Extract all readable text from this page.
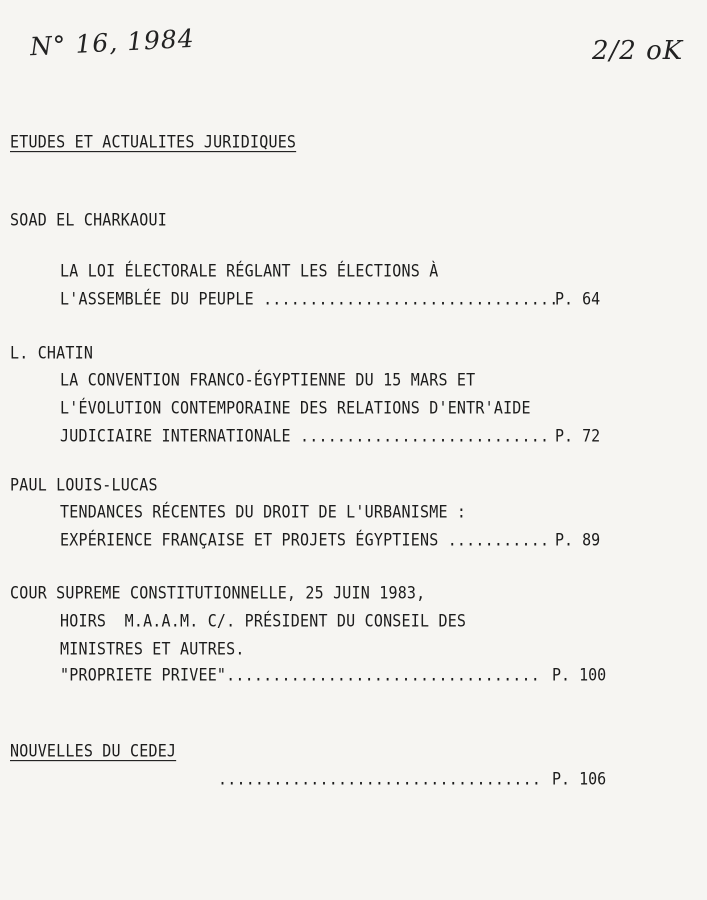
N° 16, 1984	2/2 oK
ETUDES ET ACTUALITES JURIDIQUES
SOAD EL CHARKAOUI
LA LOI ÉLECTORALE RÉGLANT LES ÉLECTIONS À
L'ASSEMBLÉE DU PEUPLE ................................
P. 64
L. CHATIN
LA CONVENTION FRANCO-ÉGYPTIENNE DU 15 MARS ET
L'ÉVOLUTION CONTEMPORAINE DES RELATIONS D'ENTR'AIDE
JUDICIAIRE INTERNATIONALE ........................... P. 72
PAUL LOUIS-LUCAS
TENDANCES RÉCENTES DU DROIT DE L'URBANISME :
EXPÉRIENCE FRANÇAISE ET PROJETS ÉGYPTIENS ........... P. 89
COUR SUPREME CONSTITUTIONNELLE, 25 JUIN 1983,
HOIRS  M.A.A.M. C/. PRÉSIDENT DU CONSEIL DES
MINISTRES ET AUTRES.
"PROPRIETE PRIVEE".................................. P. 100
NOUVELLES DU CEDEJ
................................... P. 106
